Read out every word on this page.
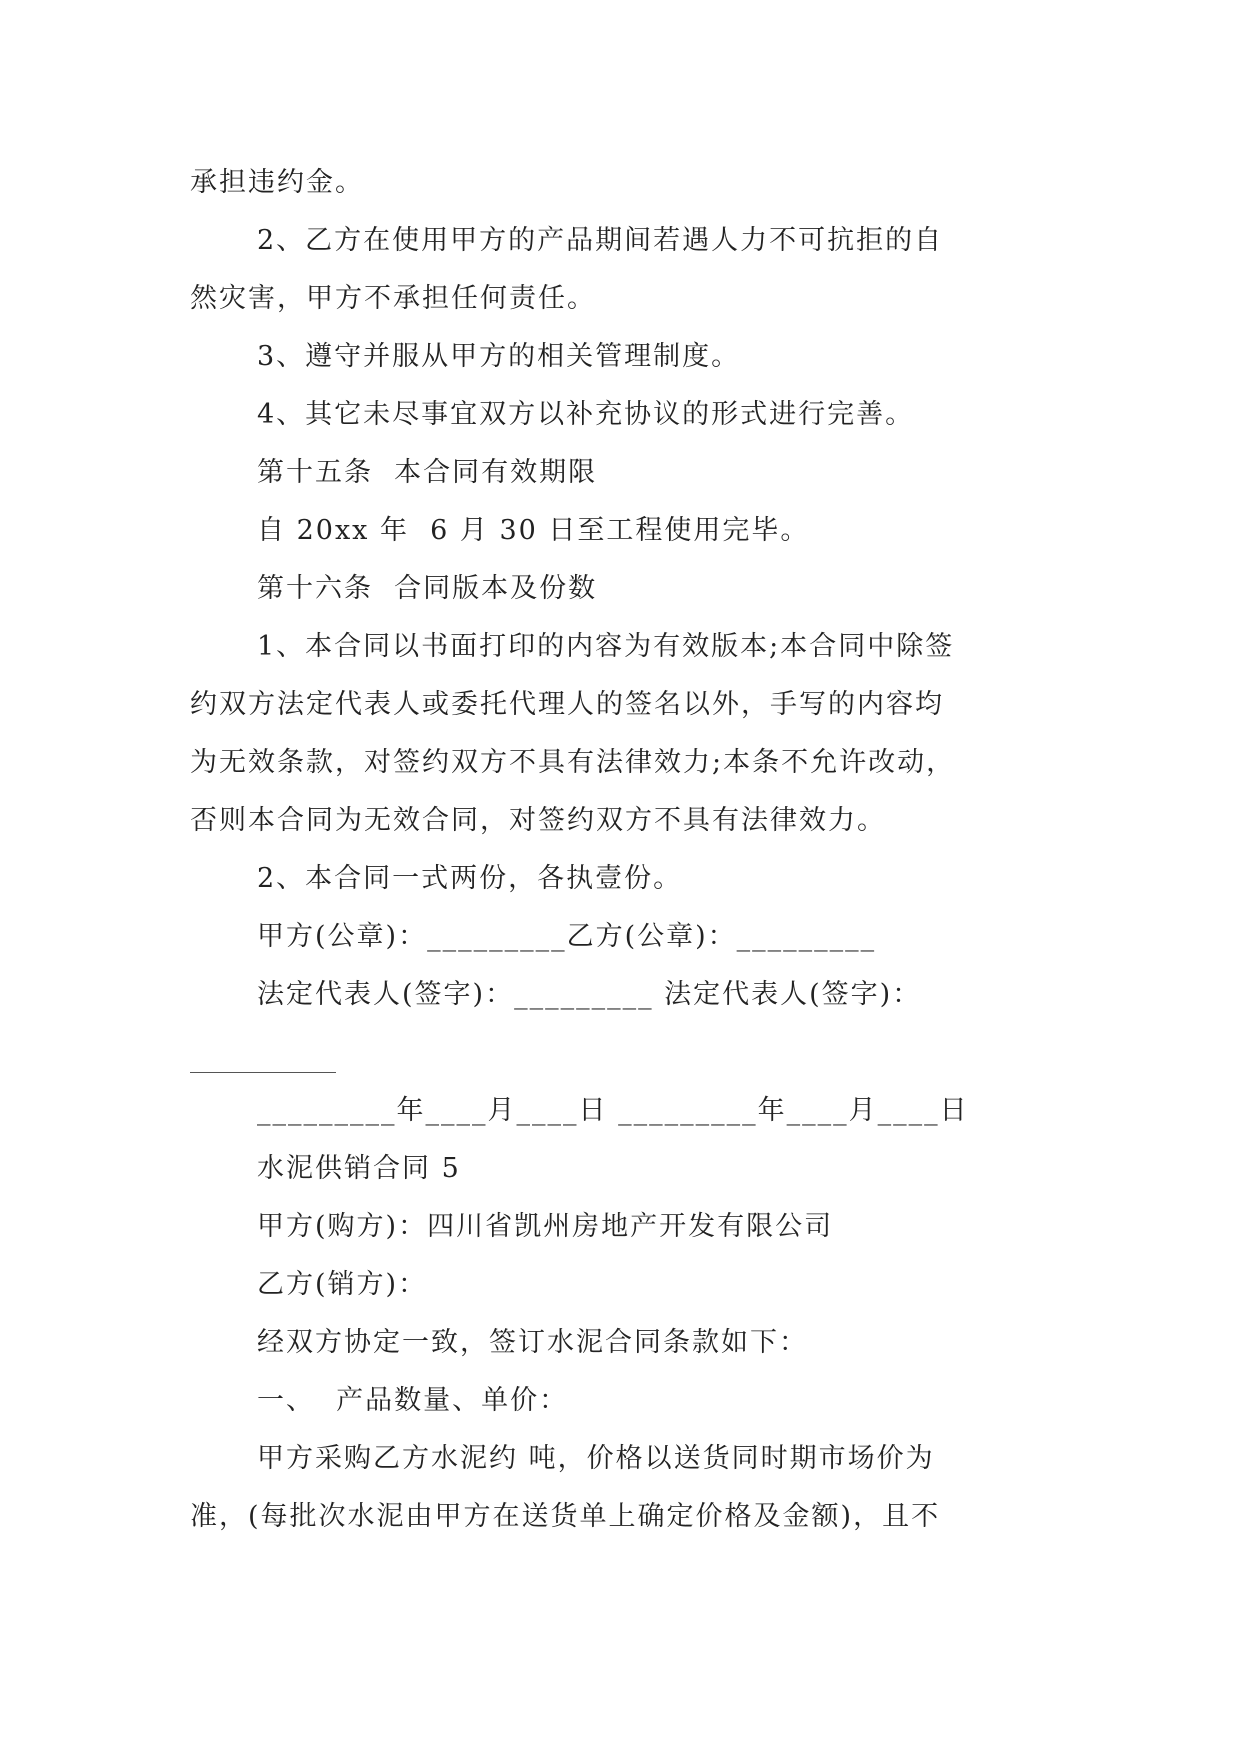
承担违约金。
2、乙方在使用甲方的产品期间若遇人力不可抗拒的自
然灾害，甲方不承担任何责任。
3、遵守并服从甲方的相关管理制度。
4、其它未尽事宜双方以补充协议的形式进行完善。
第十五条  本合同有效期限
自 20xx 年  6 月 30 日至工程使用完毕。
第十六条  合同版本及份数
1、本合同以书面打印的内容为有效版本;本合同中除签
约双方法定代表人或委托代理人的签名以外，手写的内容均
为无效条款，对签约双方不具有法律效力;本条不允许改动，
否则本合同为无效合同，对签约双方不具有法律效力。
2、本合同一式两份，各执壹份。
甲方(公章)：_________乙方(公章)：_________
法定代表人(签字)：_________ 法定代表人(签字)：
_________年____月____日 _________年____月____日
水泥供销合同 5
甲方(购方)：四川省凯州房地产开发有限公司
乙方(销方)：
经双方协定一致，签订水泥合同条款如下：
一、  产品数量、单价：
甲方采购乙方水泥约 吨，价格以送货同时期市场价为
准，(每批次水泥由甲方在送货单上确定价格及金额)，且不
